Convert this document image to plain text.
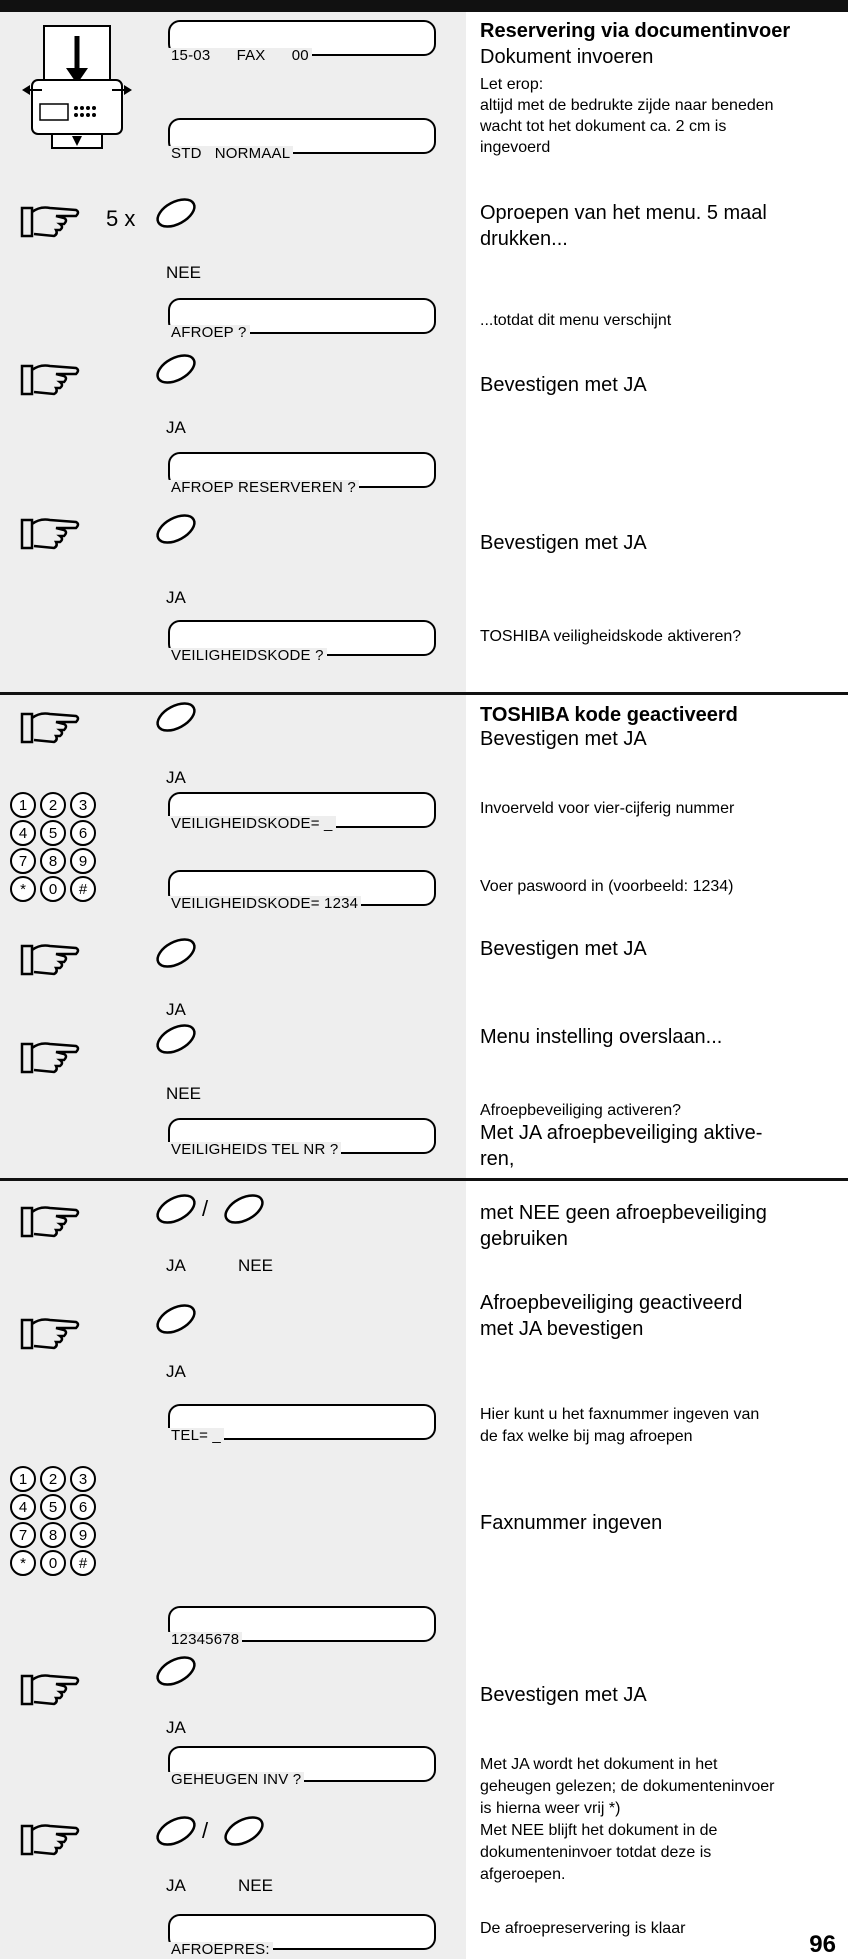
15-03      FAX      00
STD   NORMAAL
5 x
NEE
AFROEP ?
JA
AFROEP RESERVEREN ?
JA
VEILIGHEIDSKODE ?
JA
VEILIGHEIDSKODE= _
1	2	3
4	5	6
7	8	9
*	0	#
VEILIGHEIDSKODE= 1234
JA
NEE
VEILIGHEIDS TEL NR ?
/
JA	NEE
JA
TEL= _
1	2	3
4	5	6
7	8	9
*	0	#
12345678
JA
GEHEUGEN INV ?
/
JA	NEE
AFROEPRES:
Reservering via documentinvoer
Dokument invoeren
Let erop:
altijd met de bedrukte zijde naar beneden
wacht tot het dokument ca. 2 cm is
ingevoerd
Oproepen van het menu. 5 maal
drukken...
...totdat dit menu verschijnt
Bevestigen met JA
Bevestigen met JA
TOSHIBA veiligheidskode aktiveren?
TOSHIBA kode geactiveerd
Bevestigen met JA
Invoerveld voor vier-cijferig nummer
Voer paswoord in (voorbeeld: 1234)
Bevestigen met JA
Menu instelling overslaan...
Afroepbeveiliging activeren?
Met JA afroepbeveiliging aktive-
ren,
met NEE geen afroepbeveiliging
gebruiken
Afroepbeveiliging geactiveerd
met JA bevestigen
Hier kunt u het faxnummer ingeven van
de fax welke bij mag afroepen
Faxnummer ingeven
Bevestigen met JA
Met JA wordt het dokument in het
geheugen gelezen; de dokumenteninvoer
is hierna weer vrij *)
Met NEE blijft het dokument in de
dokumenteninvoer totdat deze is
afgeroepen.
De afroepreservering is klaar
96
